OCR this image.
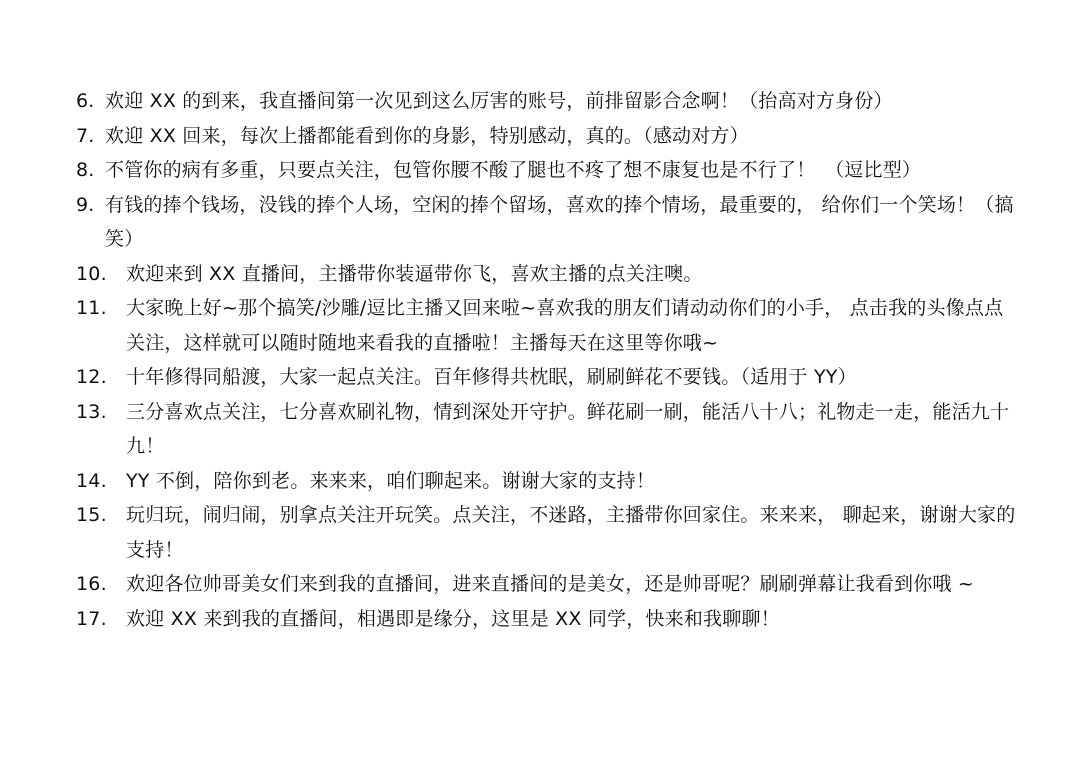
6. 欢迎 XX 的到来，我直播间第一次见到这么厉害的账号，前排留影合念啊！（抬高对方身份）
7. 欢迎 XX 回来，每次上播都能看到你的身影，特别感动，真的。（感动对方）
8. 不管你的病有多重，只要点关注，包管你腰不酸了腿也不疼了想不康复也是不行了！　（逗比型）
9. 有钱的捧个钱场，没钱的捧个人场，空闲的捧个留场，喜欢的捧个情场，最重要的， 给你们一个笑场！（搞笑）
10.	欢迎来到 XX 直播间，主播带你装逼带你飞，喜欢主播的点关注噢。
11.	大家晚上好~那个搞笑/沙雕/逗比主播又回来啦~喜欢我的朋友们请动动你们的小手， 点击我的头像点点关注，这样就可以随时随地来看我的直播啦！主播每天在这里等你哦~
12.	十年修得同船渡，大家一起点关注。百年修得共枕眠，刷刷鲜花不要钱。（适用于 YY）
13.	三分喜欢点关注，七分喜欢刷礼物，情到深处开守护。鲜花刷一刷，能活八十八；礼物走一走，能活九十九！
14.	YY 不倒，陪你到老。来来来，咱们聊起来。谢谢大家的支持！
15.	玩归玩，闹归闹，别拿点关注开玩笑。点关注，不迷路，主播带你回家住。来来来， 聊起来，谢谢大家的支持！
16.	欢迎各位帅哥美女们来到我的直播间，进来直播间的是美女，还是帅哥呢？刷刷弹幕让我看到你哦 ~
17.	欢迎 XX 来到我的直播间，相遇即是缘分，这里是 XX 同学，快来和我聊聊！
